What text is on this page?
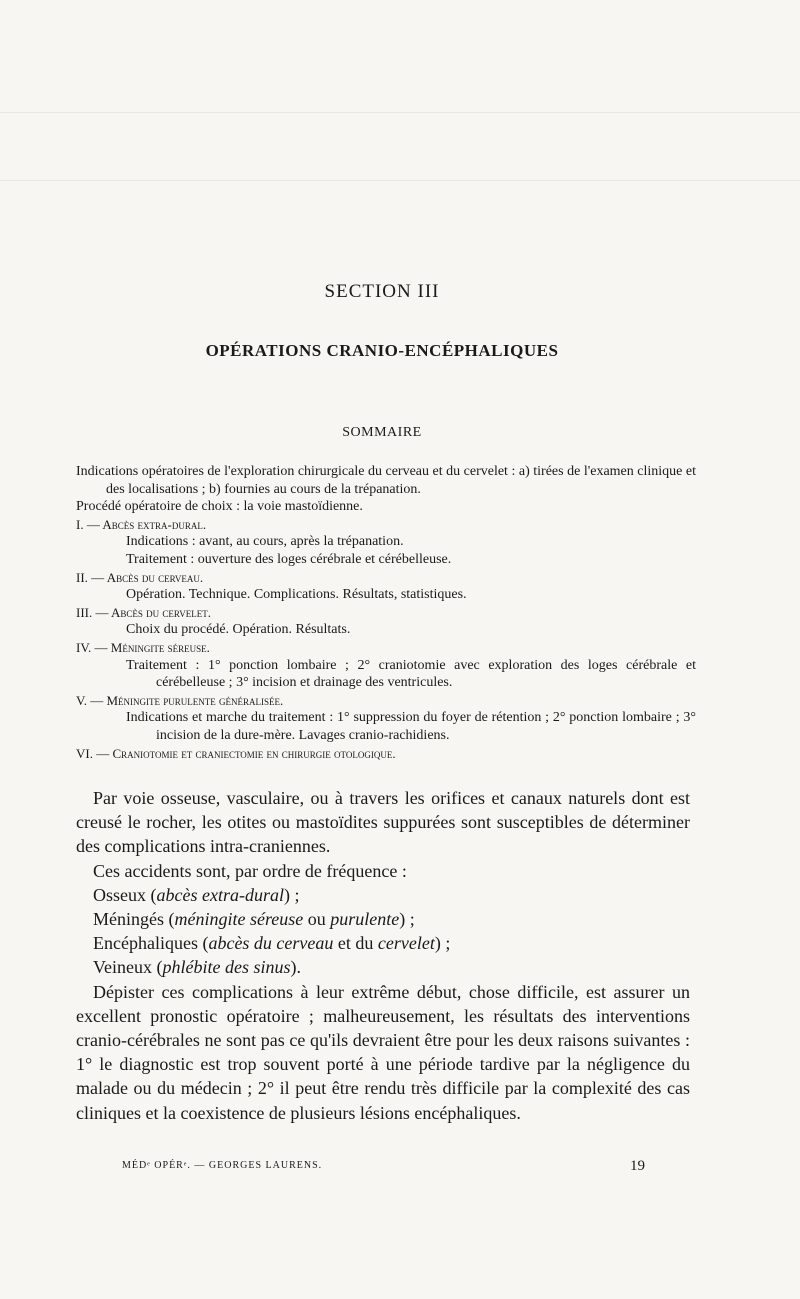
SECTION III
OPÉRATIONS CRANIO-ENCÉPHALIQUES
SOMMAIRE

Indications opératoires de l'exploration chirurgicale du cerveau et du cervelet : a) tirées de l'examen clinique et des localisations ; b) fournies au cours de la trépanation.

Procédé opératoire de choix : la voie mastoïdienne.

I. — Abcès extra-dural.

Indications : avant, au cours, après la trépanation.

Traitement : ouverture des loges cérébrale et cérébelleuse.

II. — Abcès du cerveau.

Opération. Technique. Complications. Résultats, statistiques.

III. — Abcès du cervelet.

Choix du procédé. Opération. Résultats.

IV. — Méningite séreuse.

Traitement : 1° ponction lombaire ; 2° craniotomie avec exploration des loges cérébrale et cérébelleuse ; 3° incision et drainage des ventricules.

V. — Méningite purulente généralisée.

Indications et marche du traitement : 1° suppression du foyer de rétention ; 2° ponction lombaire ; 3° incision de la dure-mère. Lavages cranio-rachidiens.

VI. — Craniotomie et craniectomie en chirurgie otologique.

Par voie osseuse, vasculaire, ou à travers les orifices et canaux naturels dont est creusé le rocher, les otites ou mastoïdites suppurées sont susceptibles de déterminer des complications intra-craniennes.

Ces accidents sont, par ordre de fréquence :

Osseux (abcès extra-dural) ;

Méningés (méningite séreuse ou purulente) ;

Encéphaliques (abcès du cerveau et du cervelet) ;

Veineux (phlébite des sinus).

Dépister ces complications à leur extrême début, chose difficile, est assurer un excellent pronostic opératoire ; malheureusement, les résultats des interventions cranio-cérébrales ne sont pas ce qu'ils devraient être pour les deux raisons suivantes : 1° le diagnostic est trop souvent porté à une période tardive par la négligence du malade ou du médecin ; 2° il peut être rendu très difficile par la complexité des cas cliniques et la coexistence de plusieurs lésions encéphaliques.

MÉDᵉ OPÉRᵉ. — GEORGES LAURENS.	19
